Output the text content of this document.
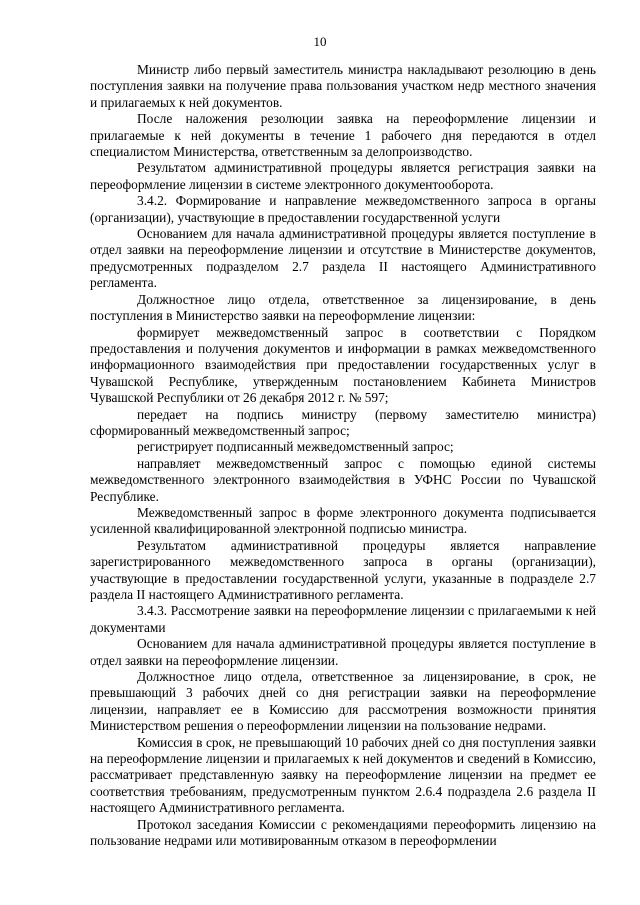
10

Министр либо первый заместитель министра накладывают резолюцию в день поступления заявки на получение права пользования участком недр местного значения и прилагаемых к ней документов.

После наложения резолюции заявка на переоформление лицензии и прилагаемые к ней документы в течение 1 рабочего дня передаются в отдел специалистом Министерства, ответственным за делопроизводство.

Результатом административной процедуры является регистрация заявки на переоформление лицензии в системе электронного документооборота.

3.4.2. Формирование и направление межведомственного запроса в органы (организации), участвующие в предоставлении государственной услуги

Основанием для начала административной процедуры является поступление в отдел заявки на переоформление лицензии и отсутствие в Министерстве документов, предусмотренных подразделом 2.7 раздела II настоящего Административного регламента.

Должностное лицо отдела, ответственное за лицензирование, в день поступления в Министерство заявки на переоформление лицензии:

формирует межведомственный запрос в соответствии с Порядком предоставления и получения документов и информации в рамках межведомственного информационного взаимодействия при предоставлении государственных услуг в Чувашской Республике, утвержденным постановлением Кабинета Министров Чувашской Республики от 26 декабря 2012 г. № 597;

передает на подпись министру (первому заместителю министра) сформированный межведомственный запрос;

регистрирует подписанный межведомственный запрос;

направляет межведомственный запрос с помощью единой системы межведомственного электронного взаимодействия в УФНС России по Чувашской Республике.

Межведомственный запрос в форме электронного документа подписывается усиленной квалифицированной электронной подписью министра.

Результатом административной процедуры является направление зарегистрированного межведомственного запроса в органы (организации), участвующие в предоставлении государственной услуги, указанные в подразделе 2.7 раздела II настоящего Административного регламента.

3.4.3. Рассмотрение заявки на переоформление лицензии с прилагаемыми к ней документами

Основанием для начала административной процедуры является поступление в отдел заявки на переоформление лицензии.

Должностное лицо отдела, ответственное за лицензирование, в срок, не превышающий 3 рабочих дней со дня регистрации заявки на переоформление лицензии, направляет ее в Комиссию для рассмотрения возможности принятия Министерством решения о переоформлении лицензии на пользование недрами.

Комиссия в срок, не превышающий 10 рабочих дней со дня поступления заявки на переоформление лицензии и прилагаемых к ней документов и сведений в Комиссию, рассматривает представленную заявку на переоформление лицензии на предмет ее соответствия требованиям, предусмотренным пунктом 2.6.4 подраздела 2.6 раздела II настоящего Административного регламента.

Протокол заседания Комиссии с рекомендациями переоформить лицензию на пользование недрами или мотивированным отказом в переоформлении
